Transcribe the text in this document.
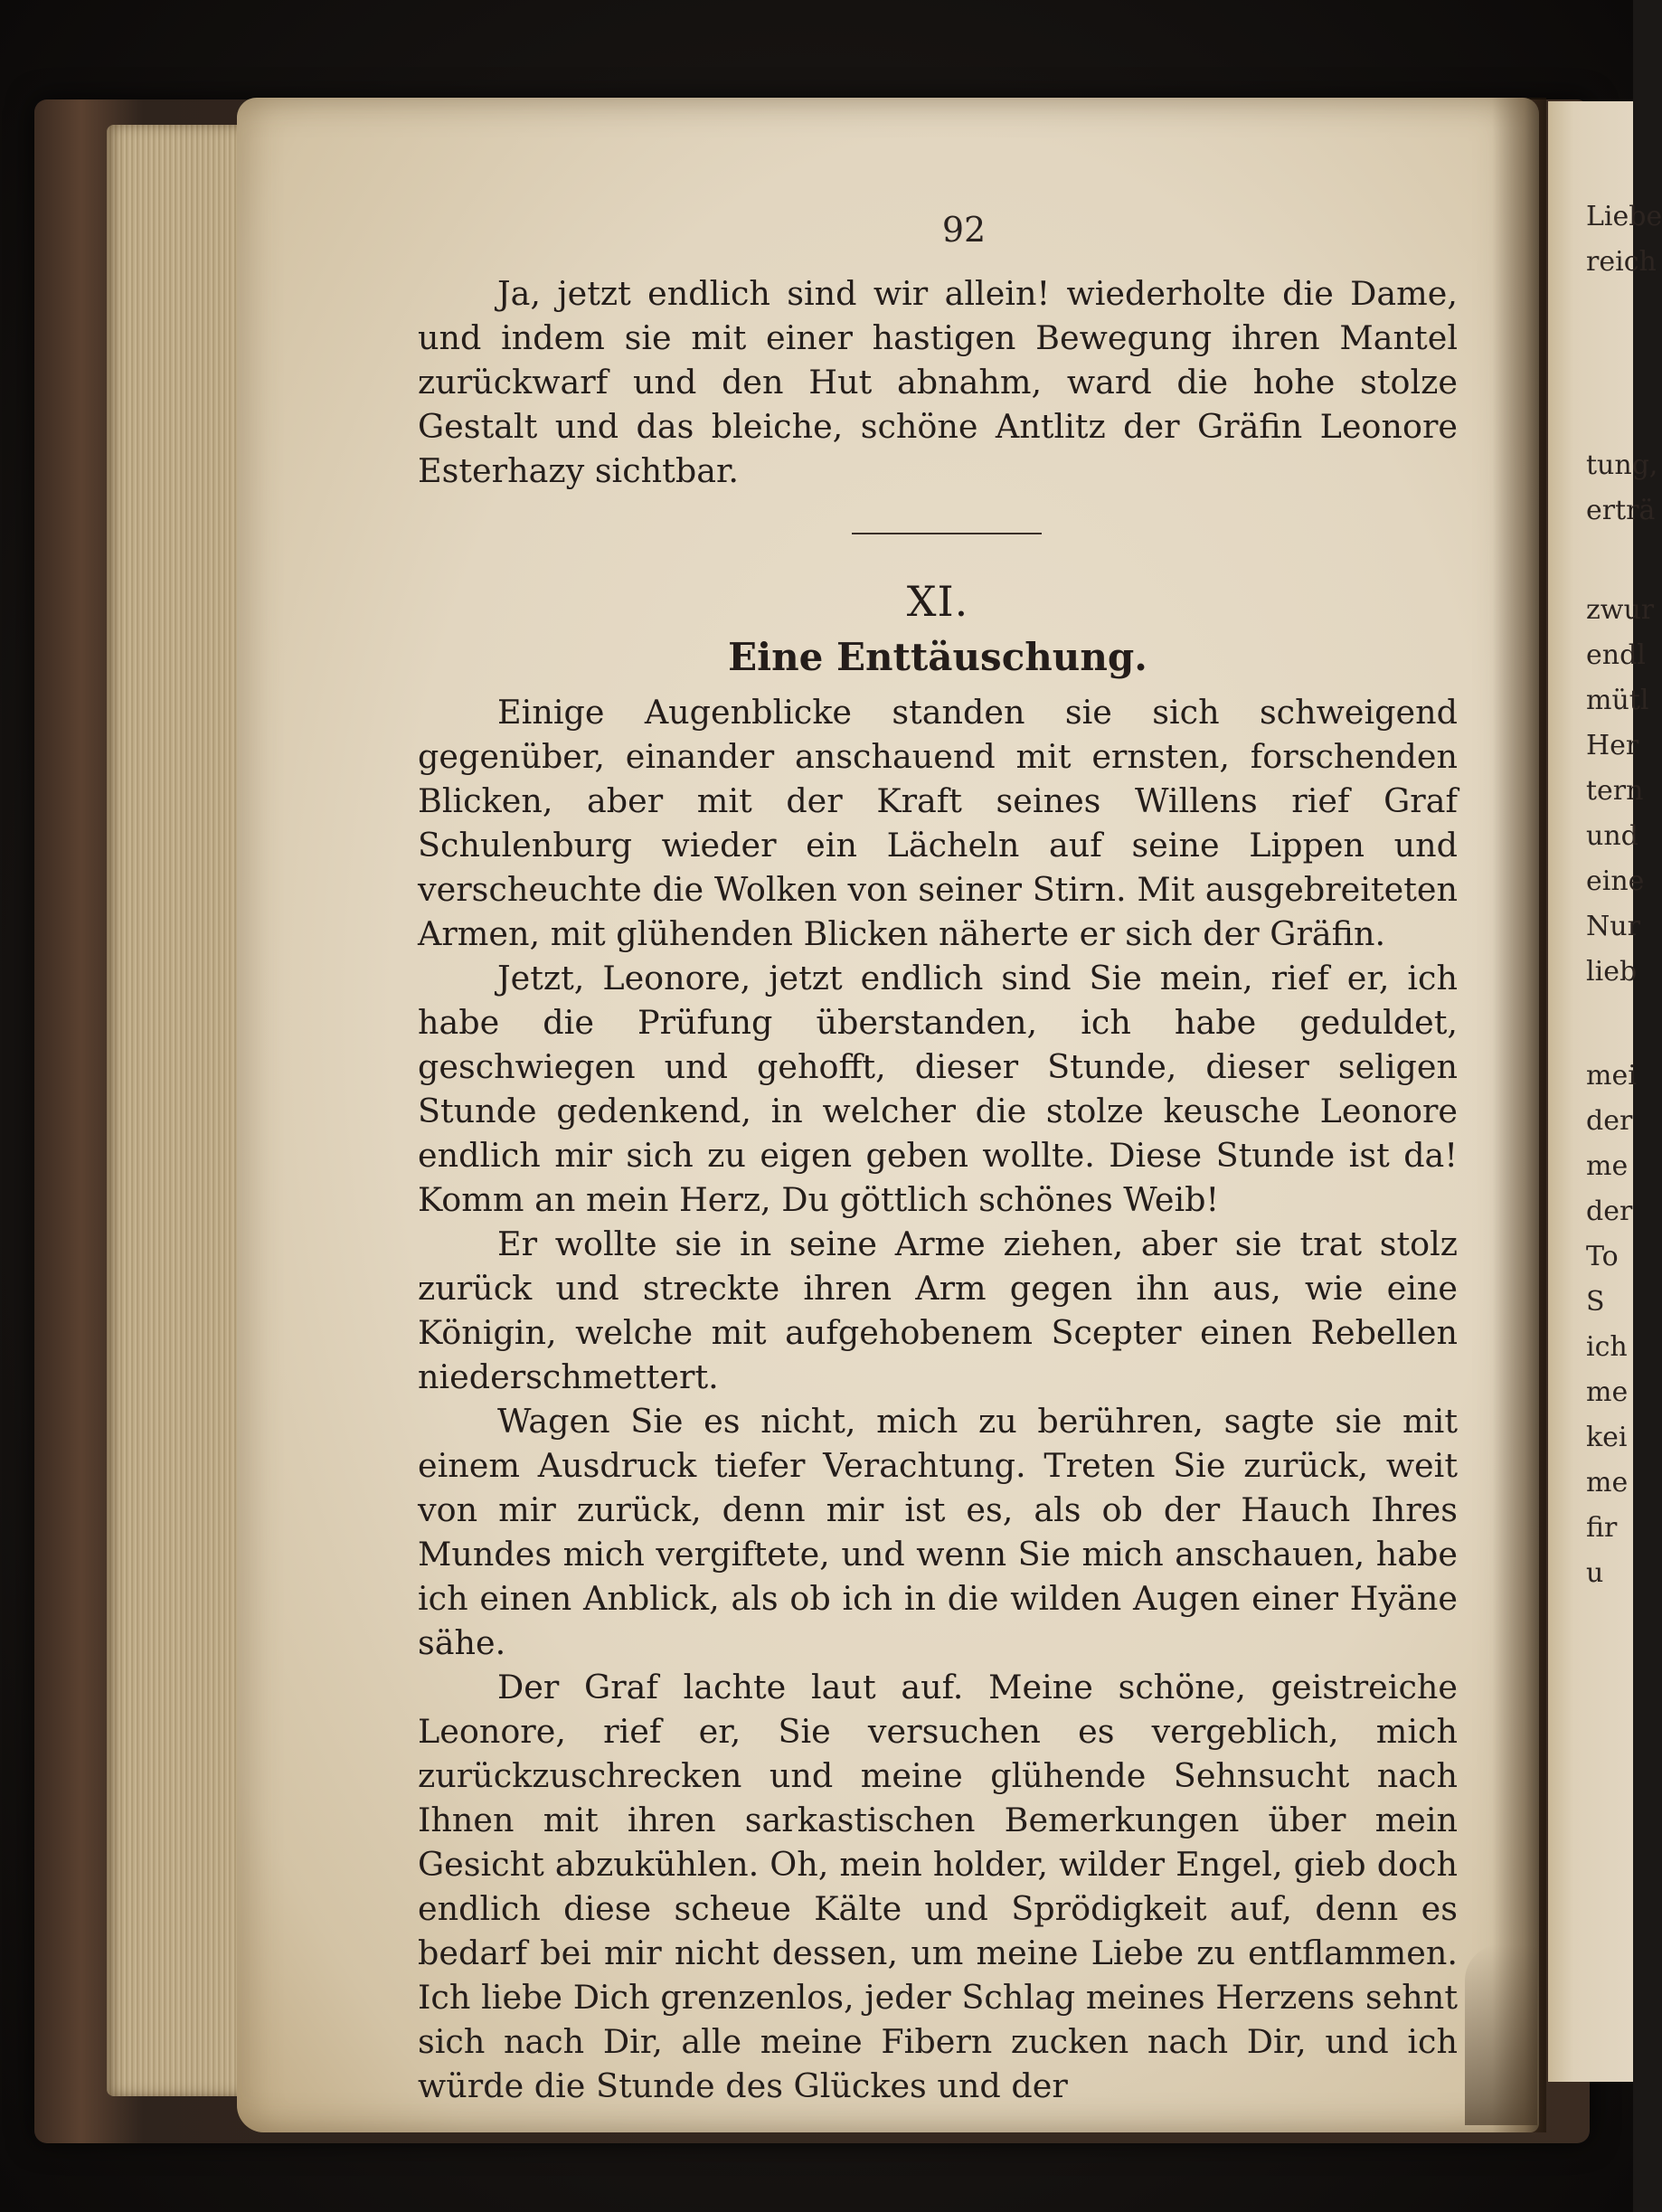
Liebe
reich
tung,
erträ
zwur
endl
mütl
Her
tern
und
eine
Nur
lieb
mei
der
me
der
To
S
ich
me
kei
me
fir
u
92

Ja, jetzt endlich sind wir allein! wiederholte die Dame, und indem sie mit einer hastigen Bewegung ihren Mantel zurückwarf und den Hut abnahm, ward die hohe stolze Gestalt und das bleiche, schöne Antlitz der Gräfin Leonore Esterhazy sichtbar.

XI.
Eine Enttäuschung.

Einige Augenblicke standen sie sich schweigend gegenüber, einander anschauend mit ernsten, forschenden Blicken, aber mit der Kraft seines Willens rief Graf Schulenburg wieder ein Lächeln auf seine Lippen und verscheuchte die Wolken von seiner Stirn. Mit ausgebreiteten Armen, mit glühenden Blicken näherte er sich der Gräfin.

Jetzt, Leonore, jetzt endlich sind Sie mein, rief er, ich habe die Prüfung überstanden, ich habe geduldet, geschwiegen und gehofft, dieser Stunde, dieser seligen Stunde gedenkend, in welcher die stolze keusche Leonore endlich mir sich zu eigen geben wollte. Diese Stunde ist da! Komm an mein Herz, Du göttlich schönes Weib!

Er wollte sie in seine Arme ziehen, aber sie trat stolz zurück und streckte ihren Arm gegen ihn aus, wie eine Königin, welche mit aufgehobenem Scepter einen Rebellen niederschmettert.

Wagen Sie es nicht, mich zu berühren, sagte sie mit einem Ausdruck tiefer Verachtung. Treten Sie zurück, weit von mir zurück, denn mir ist es, als ob der Hauch Ihres Mundes mich vergiftete, und wenn Sie mich anschauen, habe ich einen Anblick, als ob ich in die wilden Augen einer Hyäne sähe.

Der Graf lachte laut auf. Meine schöne, geistreiche Leonore, rief er, Sie versuchen es vergeblich, mich zurückzuschrecken und meine glühende Sehnsucht nach Ihnen mit ihren sarkastischen Bemerkungen über mein Gesicht abzukühlen. Oh, mein holder, wilder Engel, gieb doch endlich diese scheue Kälte und Sprödigkeit auf, denn es bedarf bei mir nicht dessen, um meine Liebe zu entflammen. Ich liebe Dich grenzenlos, jeder Schlag meines Herzens sehnt sich nach Dir, alle meine Fibern zucken nach Dir, und ich würde die Stunde des Glückes und der
